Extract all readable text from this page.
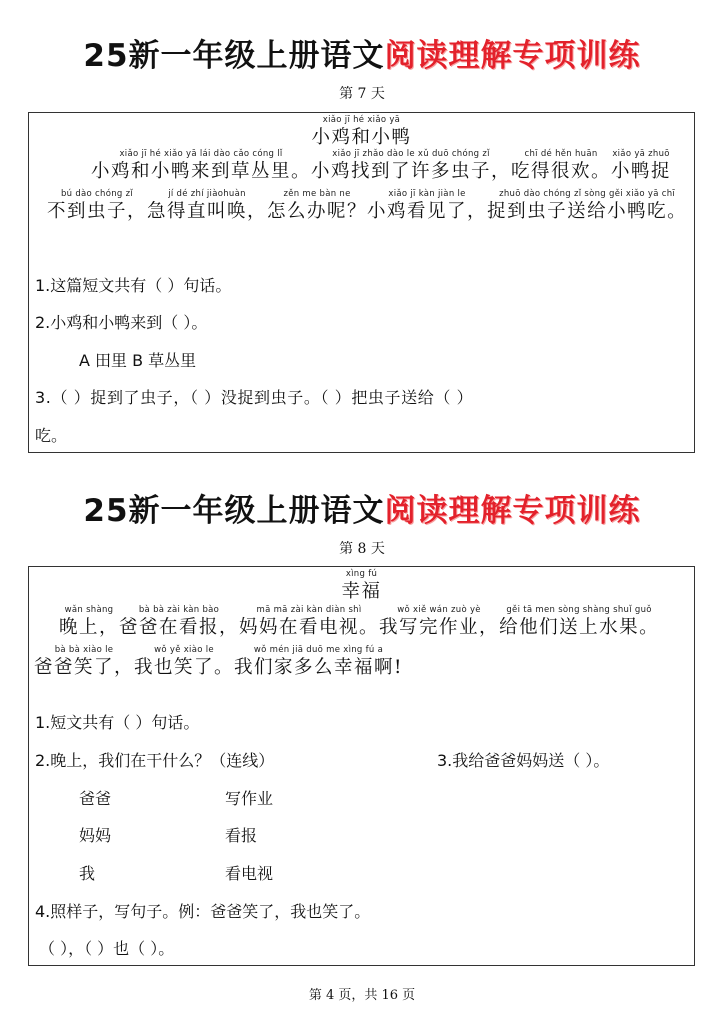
25新一年级上册语文阅读理解专项训练
第 7 天
xiǎo jī hé xiǎo yā
小鸡和小鸭
xiǎo jī hé xiǎo yā lái dào cǎo cóng lǐ
小鸡和小鸭来到草丛里。
xiǎo jī zhǎo dào le xǔ duō chóng zǐ
小鸡找到了许多虫子，
chī dé hěn huān
吃得很欢。
xiǎo yā zhuō
小鸭捉
bú dào chóng zǐ
不到虫子，
jí dé zhí jiàohuàn
急得直叫唤，
zěn me bàn ne
怎么办呢？
xiǎo jī kàn jiàn le
小鸡看见了，
zhuō dào chóng zǐ sòng gěi xiǎo yā chī
捉到虫子送给小鸭吃。
1.这篇短文共有（ ）句话。
2.小鸡和小鸭来到（ ）。
A 田里 B 草丛里
3.（ ）捉到了虫子，（ ）没捉到虫子。（ ）把虫子送给（ ）
吃。
25新一年级上册语文阅读理解专项训练
第 8 天
xìng fú
幸福
wǎn shàng
晚上，
bà bà zài kàn bào
爸爸在看报，
mā mā zài kàn diàn shì
妈妈在看电视。
wǒ xiě wán zuò yè
我写完作业，
gěi tā men sòng shàng shuǐ guǒ
给他们送上水果。
bà bà xiào le
爸爸笑了，
wǒ yě xiào le
我也笑了。
wǒ mén jiā duō me xìng fú a
我们家多么幸福啊!
1.短文共有（ ）句话。
2.晚上，我们在干什么？（连线）	3.我给爸爸妈妈送（ ）。
爸爸
妈妈
我
写作业
看报
看电视
4.照样子，写句子。例：爸爸笑了，我也笑了。
（ ），（ ）也（ ）。
第 4 页，共 16 页
